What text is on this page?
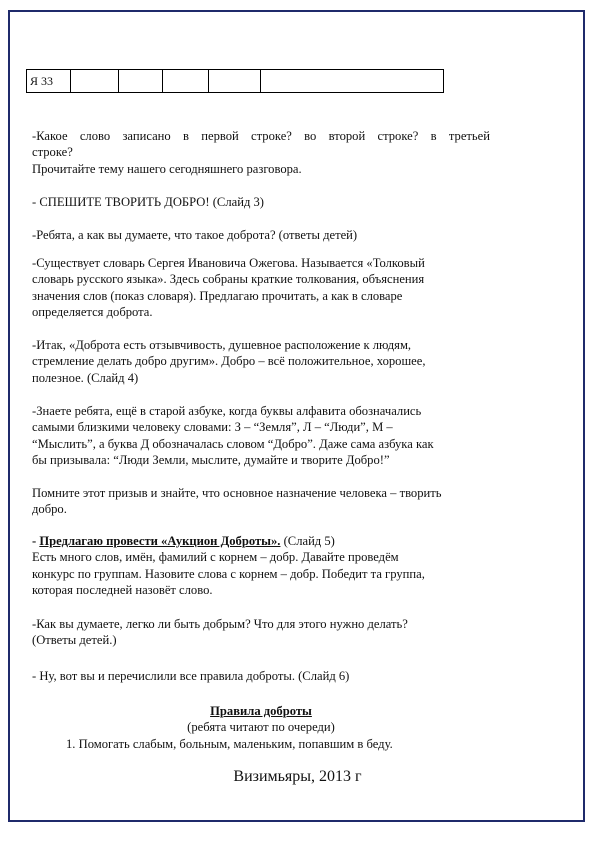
Я 33					
-Какое слово записано в первой строке? во второй строке? в третьей
строке?
Прочитайте тему нашего сегодняшнего разговора.
- СПЕШИТЕ ТВОРИТЬ ДОБРО! (Слайд 3)
-Ребята, а как вы думаете, что такое доброта? (ответы детей)
-Существует словарь Сергея Ивановича Ожегова. Называется «Толковый
словарь русского языка». Здесь собраны краткие толкования, объяснения
значения слов (показ словаря). Предлагаю прочитать, а как в словаре
определяется доброта.
-Итак, «Доброта есть отзывчивость, душевное расположение к людям,
стремление делать добро другим». Добро – всё положительное, хорошее,
полезное. (Слайд 4)
-Знаете ребята, ещё в старой азбуке, когда буквы алфавита обозначались
самыми близкими человеку словами: З – “Земля”, Л – “Люди”, М –
“Мыслить”, а буква Д обозначалась словом “Добро”. Даже сама азбука как
бы призывала: “Люди Земли, мыслите, думайте и творите Добро!”
Помните этот призыв и знайте, что основное назначение человека – творить
добро.
- Предлагаю провести «Аукцион Доброты». (Слайд 5)
Есть много слов, имён, фамилий с корнем – добр. Давайте проведём
конкурс по группам. Назовите слова с корнем – добр. Победит та группа,
которая последней назовёт слово.
-Как вы думаете, легко ли быть добрым? Что для этого нужно делать?
(Ответы детей.)
- Ну, вот вы и перечислили все правила доброты. (Слайд 6)
Правила доброты
(ребята читают по очереди)
1. Помогать слабым, больным, маленьким, попавшим в беду.
Визимьяры, 2013 г
